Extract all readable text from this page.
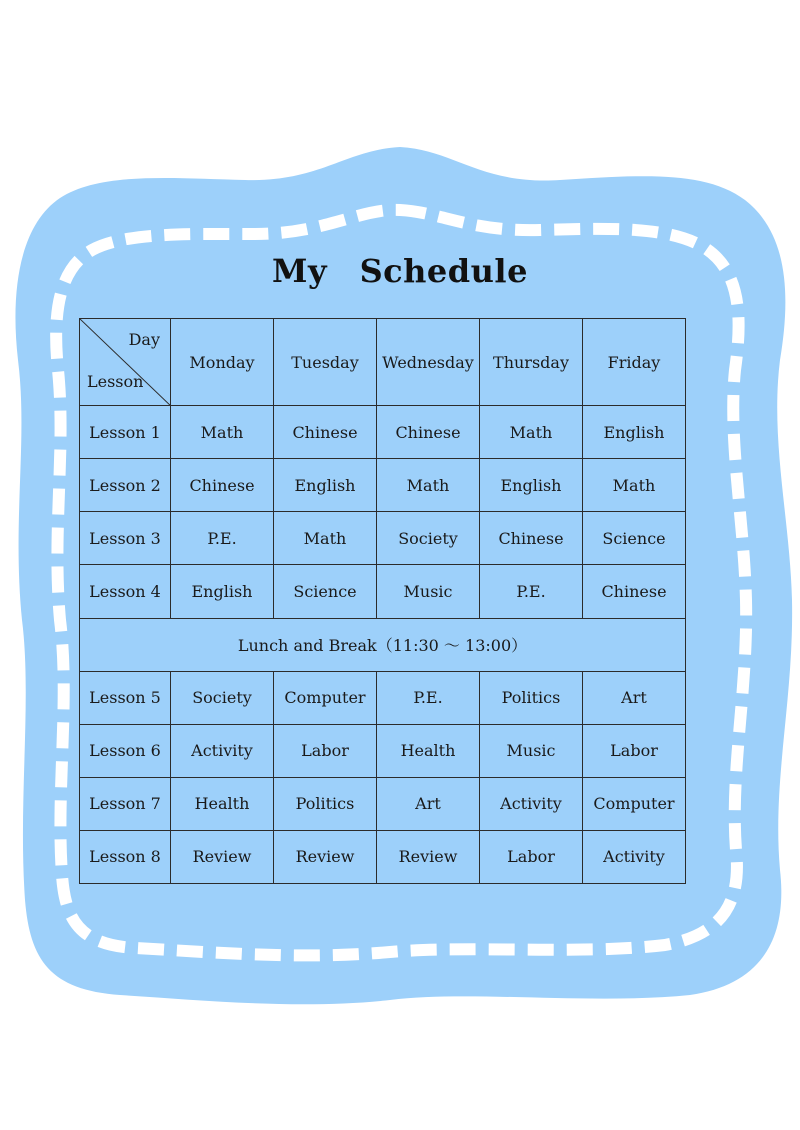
My Schedule
Day
Lesson	Monday	Tuesday	Wednesday	Thursday	Friday
Lesson 1	Math	Chinese	Chinese	Math	English
Lesson 2	Chinese	English	Math	English	Math
Lesson 3	P.E.	Math	Society	Chinese	Science
Lesson 4	English	Science	Music	P.E.	Chinese
Lunch and Break（11:30 ～ 13:00）					
Lesson 5	Society	Computer	P.E.	Politics	Art
Lesson 6	Activity	Labor	Health	Music	Labor
Lesson 7	Health	Politics	Art	Activity	Computer
Lesson 8	Review	Review	Review	Labor	Activity
